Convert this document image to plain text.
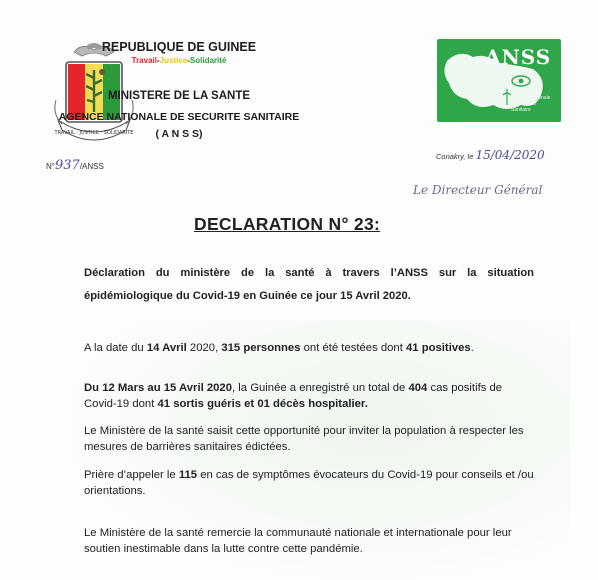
TRAVAIL · JUSTICE · SOLIDARITE
N°937/ANSS
REPUBLIQUE DE GUINEE
Travail-Justice-Solidarité
MINISTERE DE LA SANTE
AGENCE NATIONALE DE SECURITE SANITAIRE
( A N S S)
ANSS
Agence Nationale de Sécurité Sanitaire
Conakry, le 15/04/2020
Le Directeur Général
DECLARATION N° 23:
Déclaration du ministère de la santé à travers l’ANSS sur la situation épidémiologique du Covid-19 en Guinée ce jour 15 Avril 2020.
A la date du 14 Avril 2020, 315 personnes ont été testées dont 41 positives.
Du 12 Mars au 15 Avril 2020, la Guinée a enregistré un total de 404 cas positifs de Covid-19 dont 41 sortis guéris et 01 décès hospitalier.
Le Ministère de la santé saisit cette opportunité pour inviter la population à respecter les mesures de barrières sanitaires édictées.
Prière d’appeler le 115 en cas de symptômes évocateurs du Covid-19 pour conseils et /ou orientations.
Le Ministère de la santé remercie la communauté nationale et internationale pour leur soutien inestimable dans la lutte contre cette pandémie.
